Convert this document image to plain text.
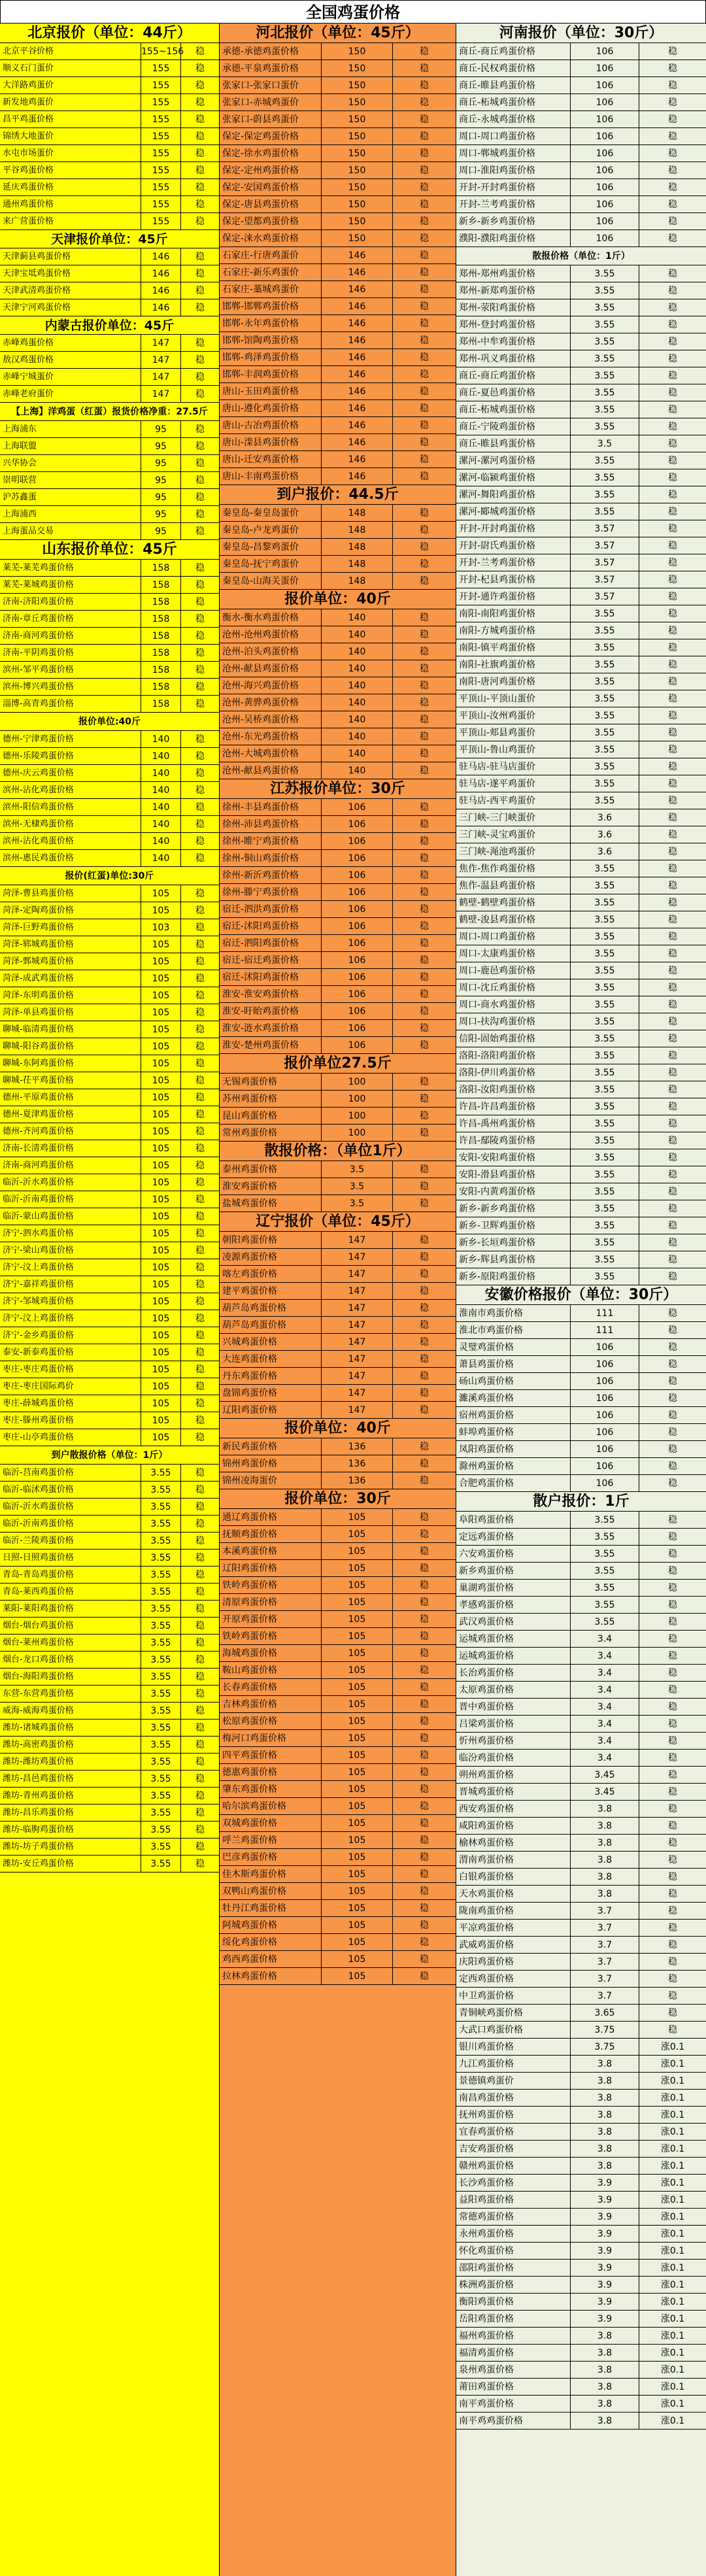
全国鸡蛋价格
北京报价（单位：44斤）
北京平谷价格	155~156	稳
顺义石门蛋价	155	稳
大洋路鸡蛋价	155	稳
新发地鸡蛋价	155	稳
昌平鸡蛋价格	155	稳
锦绣大地蛋价	155	稳
水屯市场蛋价	155	稳
平谷鸡蛋价格	155	稳
延庆鸡蛋价格	155	稳
通州鸡蛋价格	155	稳
来广营蛋价格	155	稳
天津报价单位：45斤
天津蓟县鸡蛋价格	146	稳
天津宝坻鸡蛋价格	146	稳
天津武清鸡蛋价格	146	稳
天津宁河鸡蛋价格	146	稳
内蒙古报价单位：45斤
赤峰鸡蛋价格	147	稳
敖汉鸡蛋价格	147	稳
赤峰宁城蛋价	147	稳
赤峰老府蛋价	147	稳
【上海】洋鸡蛋（红蛋）报货价格净重：27.5斤
上海浦东	95	稳
上海联盟	95	稳
兴华协会	95	稳
崇明联营	95	稳
沪苏鑫蛋	95	稳
上海浦西	95	稳
上海蛋品交易	95	稳
山东报价单位：45斤
莱芜-莱芜鸡蛋价格	158	稳
莱芜-莱城鸡蛋价格	158	稳
济南-济阳鸡蛋价格	158	稳
济南-章丘鸡蛋价格	158	稳
济南-商河鸡蛋价格	158	稳
济南-平阴鸡蛋价格	158	稳
滨州-邹平鸡蛋价格	158	稳
滨州-博兴鸡蛋价格	158	稳
淄博-高青鸡蛋价格	158	稳
报价单位:40斤
德州-宁津鸡蛋价格	140	稳
德州-乐陵鸡蛋价格	140	稳
德州-庆云鸡蛋价格	140	稳
滨州-沾化鸡蛋价格	140	稳
滨州-阳信鸡蛋价格	140	稳
滨州-无棣鸡蛋价格	140	稳
滨州-沾化鸡蛋价格	140	稳
滨州-惠民鸡蛋价格	140	稳
报价(红蛋)单位:30斤
菏泽-曹县鸡蛋价格	105	稳
菏泽-定陶鸡蛋价格	105	稳
菏泽-巨野鸡蛋价格	103	稳
菏泽-郓城鸡蛋价格	105	稳
菏泽-鄄城鸡蛋价格	105	稳
菏泽-成武鸡蛋价格	105	稳
菏泽-东明鸡蛋价格	105	稳
菏泽-单县鸡蛋价格	105	稳
聊城-临清鸡蛋价格	105	稳
聊城-阳谷鸡蛋价格	105	稳
聊城-东阿鸡蛋价格	105	稳
聊城-茌平鸡蛋价格	105	稳
德州-平原鸡蛋价格	105	稳
德州-夏津鸡蛋价格	105	稳
德州-齐河鸡蛋价格	105	稳
济南-长清鸡蛋价格	105	稳
济南-商河鸡蛋价格	105	稳
临沂-沂水鸡蛋价格	105	稳
临沂-沂南鸡蛋价格	105	稳
临沂-蒙山鸡蛋价格	105	稳
济宁-泗水鸡蛋价格	105	稳
济宁-梁山鸡蛋价格	105	稳
济宁-汶上鸡蛋价格	105	稳
济宁-嘉祥鸡蛋价格	105	稳
济宁-邹城鸡蛋价格	105	稳
济宁-汶上鸡蛋价格	105	稳
济宁-金乡鸡蛋价格	105	稳
泰安-新泰鸡蛋价格	105	稳
枣庄-枣庄鸡蛋价格	105	稳
枣庄-枣庄国际鸡价	105	稳
枣庄-薛城鸡蛋价格	105	稳
枣庄-滕州鸡蛋价格	105	稳
枣庄-山亭鸡蛋价格	105	稳
到户散报价格（单位：1斤）
临沂-莒南鸡蛋价格	3.55	稳
临沂-临沭鸡蛋价格	3.55	稳
临沂-沂水鸡蛋价格	3.55	稳
临沂-沂南鸡蛋价格	3.55	稳
临沂-兰陵鸡蛋价格	3.55	稳
日照-日照鸡蛋价格	3.55	稳
青岛-青岛鸡蛋价格	3.55	稳
青岛-莱西鸡蛋价格	3.55	稳
莱阳-莱阳鸡蛋价格	3.55	稳
烟台-烟台鸡蛋价格	3.55	稳
烟台-莱州鸡蛋价格	3.55	稳
烟台-龙口鸡蛋价格	3.55	稳
烟台-海阳鸡蛋价格	3.55	稳
东营-东营鸡蛋价格	3.55	稳
威海-威海鸡蛋价格	3.55	稳
潍坊-诸城鸡蛋价格	3.55	稳
潍坊-高密鸡蛋价格	3.55	稳
潍坊-潍坊鸡蛋价格	3.55	稳
潍坊-昌邑鸡蛋价格	3.55	稳
潍坊-青州鸡蛋价格	3.55	稳
潍坊-昌乐鸡蛋价格	3.55	稳
潍坊-临朐鸡蛋价格	3.55	稳
潍坊-坊子鸡蛋价格	3.55	稳
潍坊-安丘鸡蛋价格	3.55	稳
河北报价（单位：45斤）
承德-承德鸡蛋价格	150	稳
承德-平泉鸡蛋价格	150	稳
张家口-张家口蛋价	150	稳
张家口-赤城鸡蛋价	150	稳
张家口-蔚县鸡蛋价	150	稳
保定-保定鸡蛋价格	150	稳
保定-徐水鸡蛋价格	150	稳
保定-定州鸡蛋价格	150	稳
保定-安国鸡蛋价格	150	稳
保定-唐县鸡蛋价格	150	稳
保定-望都鸡蛋价格	150	稳
保定-涞水鸡蛋价格	150	稳
石家庄-行唐鸡蛋价	146	稳
石家庄-新乐鸡蛋价	146	稳
石家庄-藁城鸡蛋价	146	稳
邯郸-邯郸鸡蛋价格	146	稳
邯郸-永年鸡蛋价格	146	稳
邯郸-馆陶鸡蛋价格	146	稳
邯郸-鸡泽鸡蛋价格	146	稳
邯郸-丰润鸡蛋价格	146	稳
唐山-玉田鸡蛋价格	146	稳
唐山-遵化鸡蛋价格	146	稳
唐山-古冶鸡蛋价格	146	稳
唐山-滦县鸡蛋价格	146	稳
唐山-迁安鸡蛋价格	146	稳
唐山-丰南鸡蛋价格	146	稳
到户报价：44.5斤
秦皇岛-秦皇岛蛋价	148	稳
秦皇岛-卢龙鸡蛋价	148	稳
秦皇岛-昌黎鸡蛋价	148	稳
秦皇岛-抚宁鸡蛋价	148	稳
秦皇岛-山海关蛋价	148	稳
报价单位：40斤
衡水-衡水鸡蛋价格	140	稳
沧州-沧州鸡蛋价格	140	稳
沧州-泊头鸡蛋价格	140	稳
沧州-献县鸡蛋价格	140	稳
沧州-海兴鸡蛋价格	140	稳
沧州-黄骅鸡蛋价格	140	稳
沧州-吴桥鸡蛋价格	140	稳
沧州-东光鸡蛋价格	140	稳
沧州-大城鸡蛋价格	140	稳
沧州-献县鸡蛋价格	140	稳
江苏报价单位：30斤
徐州-丰县鸡蛋价格	106	稳
徐州-沛县鸡蛋价格	106	稳
徐州-睢宁鸡蛋价格	106	稳
徐州-铜山鸡蛋价格	106	稳
徐州-新沂鸡蛋价格	106	稳
徐州-滕宁鸡蛋价格	106	稳
宿迁-泗洪鸡蛋价格	106	稳
宿迁-沭阳鸡蛋价格	106	稳
宿迁-泗阳鸡蛋价格	106	稳
宿迁-宿迁鸡蛋价格	106	稳
宿迁-沭阳鸡蛋价格	106	稳
淮安-淮安鸡蛋价格	106	稳
淮安-盱眙鸡蛋价格	106	稳
淮安-涟水鸡蛋价格	106	稳
淮安-楚州鸡蛋价格	106	稳
报价单位27.5斤
无锡鸡蛋价格	100	稳
苏州鸡蛋价格	100	稳
昆山鸡蛋价格	100	稳
常州鸡蛋价格	100	稳
散报价格：（单位1斤）
泰州鸡蛋价格	3.5	稳
淮安鸡蛋价格	3.5	稳
盐城鸡蛋价格	3.5	稳
辽宁报价（单位：45斤）
朝阳鸡蛋价格	147	稳
凌源鸡蛋价格	147	稳
喀左鸡蛋价格	147	稳
建平鸡蛋价格	147	稳
葫芦岛鸡蛋价格	147	稳
葫芦岛鸡蛋价格	147	稳
兴城鸡蛋价格	147	稳
大连鸡蛋价格	147	稳
丹东鸡蛋价格	147	稳
盘锦鸡蛋价格	147	稳
辽阳鸡蛋价格	147	稳
报价单位：40斤
新民鸡蛋价格	136	稳
锦州鸡蛋价格	136	稳
锦州凌海蛋价	136	稳
报价单位：30斤
通辽鸡蛋价格	105	稳
抚顺鸡蛋价格	105	稳
本溪鸡蛋价格	105	稳
辽阳鸡蛋价格	105	稳
铁岭鸡蛋价格	105	稳
清原鸡蛋价格	105	稳
开原鸡蛋价格	105	稳
铁岭鸡蛋价格	105	稳
海城鸡蛋价格	105	稳
鞍山鸡蛋价格	105	稳
长春鸡蛋价格	105	稳
吉林鸡蛋价格	105	稳
松原鸡蛋价格	105	稳
梅河口鸡蛋价格	105	稳
四平鸡蛋价格	105	稳
德惠鸡蛋价格	105	稳
肇东鸡蛋价格	105	稳
哈尔滨鸡蛋价格	105	稳
双城鸡蛋价格	105	稳
呼兰鸡蛋价格	105	稳
巴彦鸡蛋价格	105	稳
佳木斯鸡蛋价格	105	稳
双鸭山鸡蛋价格	105	稳
牡丹江鸡蛋价格	105	稳
阿城鸡蛋价格	105	稳
绥化鸡蛋价格	105	稳
鸡西鸡蛋价格	105	稳
拉林鸡蛋价格	105	稳
河南报价（单位：30斤）
商丘-商丘鸡蛋价格	106	稳
商丘-民权鸡蛋价格	106	稳
商丘-睢县鸡蛋价格	106	稳
商丘-柘城鸡蛋价格	106	稳
商丘-永城鸡蛋价格	106	稳
周口-周口鸡蛋价格	106	稳
周口-郸城鸡蛋价格	106	稳
周口-淮阳鸡蛋价格	106	稳
开封-开封鸡蛋价格	106	稳
开封-兰考鸡蛋价格	106	稳
新乡-新乡鸡蛋价格	106	稳
濮阳-濮阳鸡蛋价格	106	稳
散报价格（单位：1斤）
郑州-郑州鸡蛋价格	3.55	稳
郑州-新郑鸡蛋价格	3.55	稳
郑州-荥阳鸡蛋价格	3.55	稳
郑州-登封鸡蛋价格	3.55	稳
郑州-中牟鸡蛋价格	3.55	稳
郑州-巩义鸡蛋价格	3.55	稳
商丘-商丘鸡蛋价格	3.55	稳
商丘-夏邑鸡蛋价格	3.55	稳
商丘-柘城鸡蛋价格	3.55	稳
商丘-宁陵鸡蛋价格	3.55	稳
商丘-睢县鸡蛋价格	3.5	稳
漯河-漯河鸡蛋价格	3.55	稳
漯河-临颍鸡蛋价格	3.55	稳
漯河-舞阳鸡蛋价格	3.55	稳
漯河-郾城鸡蛋价格	3.55	稳
开封-开封鸡蛋价格	3.57	稳
开封-尉氏鸡蛋价格	3.57	稳
开封-兰考鸡蛋价格	3.57	稳
开封-杞县鸡蛋价格	3.57	稳
开封-通许鸡蛋价格	3.57	稳
南阳-南阳鸡蛋价格	3.55	稳
南阳-方城鸡蛋价格	3.55	稳
南阳-镇平鸡蛋价格	3.55	稳
南阳-社旗鸡蛋价格	3.55	稳
南阳-唐河鸡蛋价格	3.55	稳
平顶山-平顶山蛋价	3.55	稳
平顶山-汝州鸡蛋价	3.55	稳
平顶山-郏县鸡蛋价	3.55	稳
平顶山-鲁山鸡蛋价	3.55	稳
驻马店-驻马店蛋价	3.55	稳
驻马店-遂平鸡蛋价	3.55	稳
驻马店-西平鸡蛋价	3.55	稳
三门峡-三门峡蛋价	3.6	稳
三门峡-灵宝鸡蛋价	3.6	稳
三门峡-渑池鸡蛋价	3.6	稳
焦作-焦作鸡蛋价格	3.55	稳
焦作-温县鸡蛋价格	3.55	稳
鹤壁-鹤壁鸡蛋价格	3.55	稳
鹤壁-浚县鸡蛋价格	3.55	稳
周口-周口鸡蛋价格	3.55	稳
周口-太康鸡蛋价格	3.55	稳
周口-鹿邑鸡蛋价格	3.55	稳
周口-沈丘鸡蛋价格	3.55	稳
周口-商水鸡蛋价格	3.55	稳
周口-扶沟鸡蛋价格	3.55	稳
信阳-固始鸡蛋价格	3.55	稳
洛阳-洛阳鸡蛋价格	3.55	稳
洛阳-伊川鸡蛋价格	3.55	稳
洛阳-汝阳鸡蛋价格	3.55	稳
许昌-许昌鸡蛋价格	3.55	稳
许昌-禹州鸡蛋价格	3.55	稳
许昌-鄢陵鸡蛋价格	3.55	稳
安阳-安阳鸡蛋价格	3.55	稳
安阳-滑县鸡蛋价格	3.55	稳
安阳-内黄鸡蛋价格	3.55	稳
新乡-新乡鸡蛋价格	3.55	稳
新乡-卫辉鸡蛋价格	3.55	稳
新乡-长垣鸡蛋价格	3.55	稳
新乡-辉县鸡蛋价格	3.55	稳
新乡-原阳鸡蛋价格	3.55	稳
安徽价格报价（单位：30斤）
淮南市鸡蛋价格	111	稳
淮北市鸡蛋价格	111	稳
灵璧鸡蛋价格	106	稳
萧县鸡蛋价格	106	稳
砀山鸡蛋价格	106	稳
濉溪鸡蛋价格	106	稳
宿州鸡蛋价格	106	稳
蚌埠鸡蛋价格	106	稳
凤阳鸡蛋价格	106	稳
滁州鸡蛋价格	106	稳
合肥鸡蛋价格	106	稳
散户报价：1斤
阜阳鸡蛋价格	3.55	稳
定远鸡蛋价格	3.55	稳
六安鸡蛋价格	3.55	稳
新乡鸡蛋价格	3.55	稳
巢湖鸡蛋价格	3.55	稳
孝感鸡蛋价格	3.55	稳
武汉鸡蛋价格	3.55	稳
运城鸡蛋价格	3.4	稳
运城鸡蛋价格	3.4	稳
长治鸡蛋价格	3.4	稳
太原鸡蛋价格	3.4	稳
晋中鸡蛋价格	3.4	稳
吕梁鸡蛋价格	3.4	稳
忻州鸡蛋价格	3.4	稳
临汾鸡蛋价格	3.4	稳
朔州鸡蛋价格	3.45	稳
晋城鸡蛋价格	3.45	稳
西安鸡蛋价格	3.8	稳
咸阳鸡蛋价格	3.8	稳
榆林鸡蛋价格	3.8	稳
渭南鸡蛋价格	3.8	稳
白银鸡蛋价格	3.8	稳
天水鸡蛋价格	3.8	稳
陇南鸡蛋价格	3.7	稳
平凉鸡蛋价格	3.7	稳
武威鸡蛋价格	3.7	稳
庆阳鸡蛋价格	3.7	稳
定西鸡蛋价格	3.7	稳
中卫鸡蛋价格	3.7	稳
青铜峡鸡蛋价格	3.65	稳
大武口鸡蛋价格	3.75	稳
银川鸡蛋价格	3.75	涨0.1
九江鸡蛋价格	3.8	涨0.1
景德镇鸡蛋价	3.8	涨0.1
南昌鸡蛋价格	3.8	涨0.1
抚州鸡蛋价格	3.8	涨0.1
宜春鸡蛋价格	3.8	涨0.1
吉安鸡蛋价格	3.8	涨0.1
赣州鸡蛋价格	3.8	涨0.1
长沙鸡蛋价格	3.9	涨0.1
益阳鸡蛋价格	3.9	涨0.1
常德鸡蛋价格	3.9	涨0.1
永州鸡蛋价格	3.9	涨0.1
怀化鸡蛋价格	3.9	涨0.1
邵阳鸡蛋价格	3.9	涨0.1
株洲鸡蛋价格	3.9	涨0.1
衡阳鸡蛋价格	3.9	涨0.1
岳阳鸡蛋价格	3.9	涨0.1
福州鸡蛋价格	3.8	涨0.1
福清鸡蛋价格	3.8	涨0.1
泉州鸡蛋价格	3.8	涨0.1
莆田鸡蛋价格	3.8	涨0.1
南平鸡蛋价格	3.8	涨0.1
南平鸡鸡蛋价格	3.8	涨0.1
